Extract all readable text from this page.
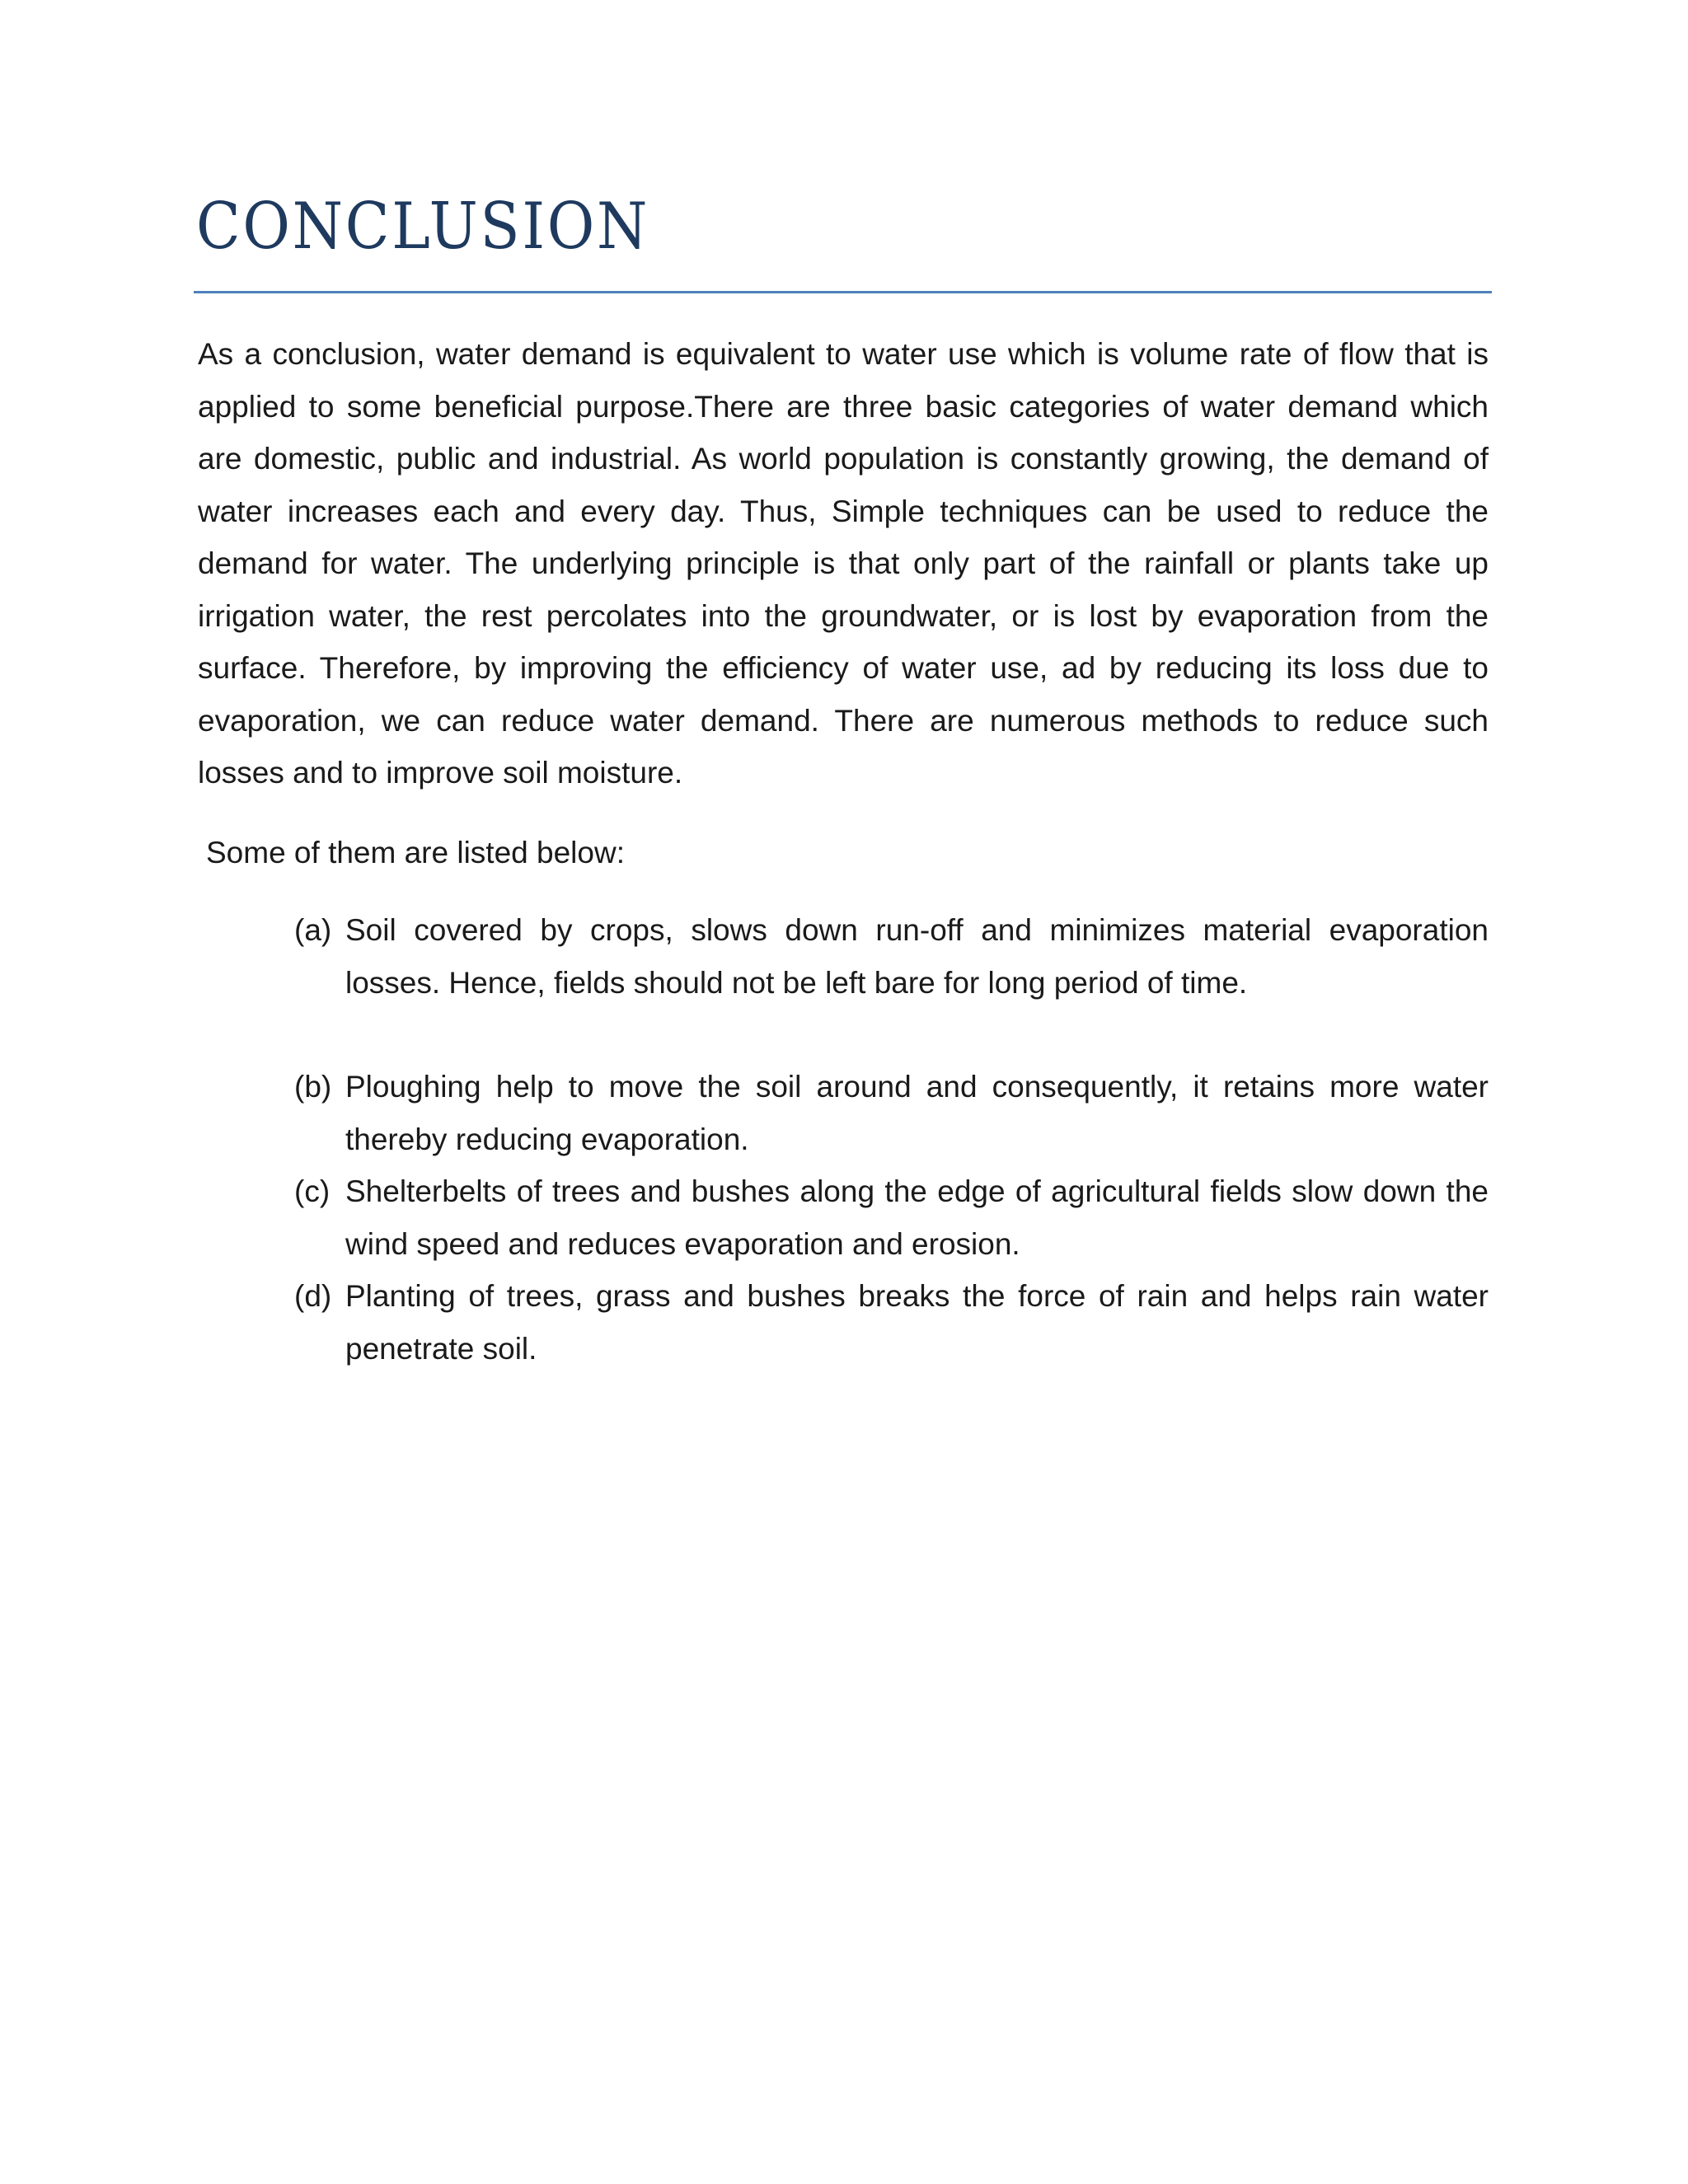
CONCLUSION

As a conclusion, water demand is equivalent to water use which is volume rate of flow that is applied to some beneficial purpose.There are three basic categories of water demand which are domestic, public and industrial. As world population is constantly growing, the demand of water increases each and every day. Thus, Simple techniques can be used to reduce the demand for water. The underlying principle is that only part of the rainfall or plants take up irrigation water, the rest percolates into the groundwater, or is lost by evaporation from the surface. Therefore, by improving the efficiency of water use, ad by reducing its loss due to evaporation, we can reduce water demand. There are numerous methods to reduce such losses and to improve soil moisture.

Some of them are listed below:

(a) Soil covered by crops, slows down run-off and minimizes material evaporation losses. Hence, fields should not be left bare for long period of time.
(b) Ploughing help to move the soil around and consequently, it retains more water thereby reducing evaporation.
(c) Shelterbelts of trees and bushes along the edge of agricultural fields slow down the wind speed and reduces evaporation and erosion.
(d) Planting of trees, grass and bushes breaks the force of rain and helps rain water penetrate soil.
